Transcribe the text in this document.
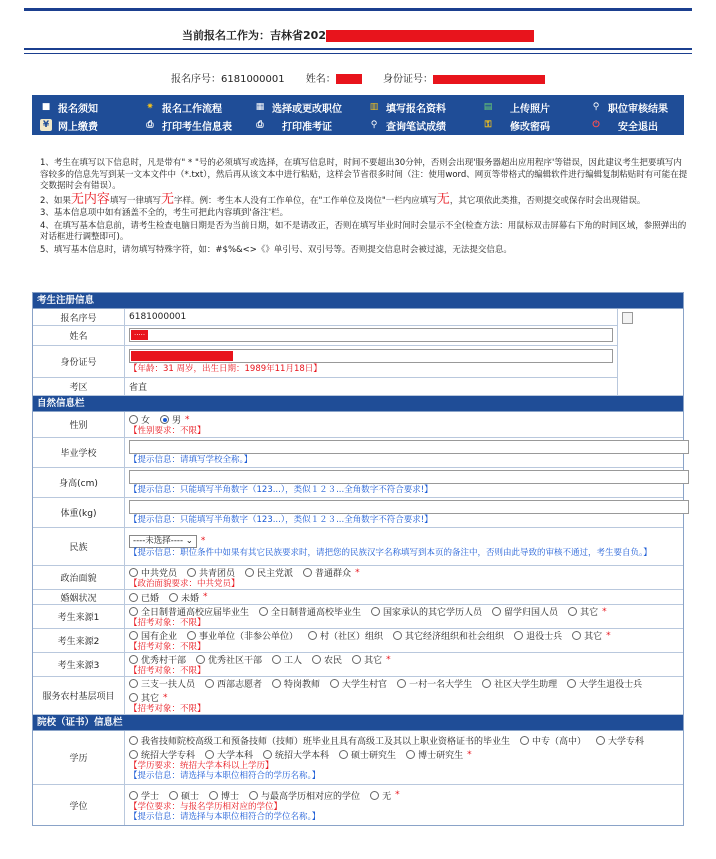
当前报名工作为：吉林省202
报名序号：6181000001 姓名：	身份证号：
■ 报名须知	✷ 报名工作流程	▦ 选择或更改职位	▥ 填写报名资料	▤ 上传照片	⚲ 职位审核结果
¥ 网上缴费	⎙ 打印考生信息表	⎙ 打印准考证	⚲ 查询笔试成绩	⚿ 修改密码	⏻ 安全退出

1、考生在填写以下信息时，凡是带有" * "号的必须填写或选择，在填写信息时，时间不要超出30分钟，否则会出现'服务器超出应用程序'等错误，因此建议考生把要填写内容较多的信息先写到某一文本文件中（*.txt），然后再从该文本中进行粘贴，这样会节省很多时间（注：使用word、网页等带格式的编辑软件进行编辑复制粘贴时有可能在提交数据时会有错误）。

2、如果无内容填写一律填写无字样。例：考生本人没有工作单位，在"工作单位及岗位"一栏内应填写无，其它项依此类推，否则提交或保存时会出现错误。

3、基本信息项中如有涵盖不全的，考生可把此内容填到'备注'栏。

4、在填写基本信息前，请考生检查电脑日期是否为当前日期，如不是请改正，否则在填写毕业时间时会显示不全(检查方法：用鼠标双击屏幕右下角的时间区域，参照弹出的对话框进行调整即可)。

5、填写基本信息时，请勿填写特殊字符，如：#$%&<>《》单引号、双引号等。否则提交信息时会被过滤，无法提交信息。

考生注册信息
报名序号	6181000001
姓名	·····
身份证号
【年龄：31 周岁，出生日期：1989年11月18日】
考区	省直
自然信息栏
性别	女 男 *
【性别要求：不限】
毕业学校
【提示信息：请填写学校全称。】
身高(cm)
【提示信息：只能填写半角数字（123...），类似１２３...全角数字不符合要求!】
体重(kg)
【提示信息：只能填写半角数字（123...），类似１２３...全角数字不符合要求!】
民族
----未选择---- ⌄ *
【提示信息：职位条件中如果有其它民族要求时，请把您的民族汉字名称填写到本页的备注中，否则由此导致的审核不通过，考生要自负。】
政治面貌	中共党员 共青团员 民主党派 普通群众 *
【政治面貌要求：中共党员】
婚姻状况	已婚 未婚 *
考生来源1	全日制普通高校应届毕业生 全日制普通高校毕业生 国家承认的其它学历人员 留学归国人员 其它 *
【招考对象：不限】
考生来源2	国有企业 事业单位（非参公单位） 村（社区）组织 其它经济组织和社会组织 退役士兵 其它 *
【招考对象：不限】
考生来源3	优秀村干部 优秀社区干部 工人 农民 其它 *
【招考对象：不限】
服务农村基层项目
三支一扶人员 西部志愿者 特岗教师 大学生村官 一村一名大学生 社区大学生助理 大学生退役士兵
其它 *
【招考对象：不限】
院校（证书）信息栏
学历
我省技师院校高级工和预备技师（技师）班毕业且具有高级工及其以上职业资格证书的毕业生 中专（高中） 大学专科
统招大学专科 大学本科 统招大学本科 硕士研究生 博士研究生 *
【学历要求：统招大学本科以上学历】
【提示信息：请选择与本职位相符合的学历名称。】
学位
学士 硕士 博士 与最高学历相对应的学位 无 *
【学位要求：与报名学历相对应的学位】
【提示信息：请选择与本职位相符合的学位名称。】
